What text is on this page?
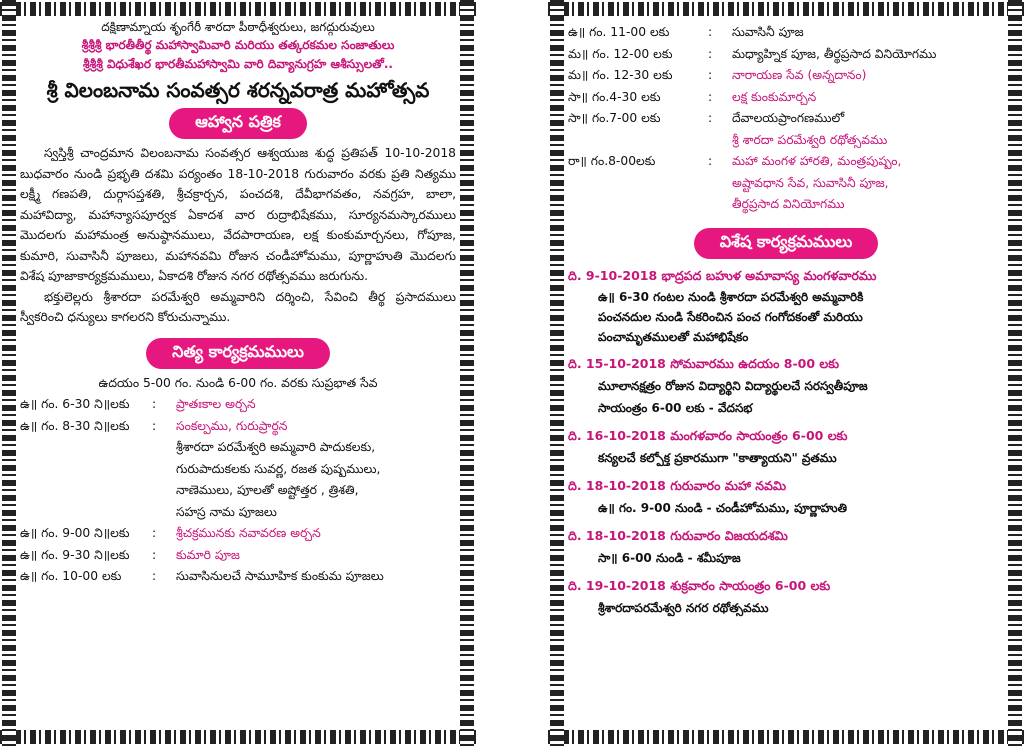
దక్షిణామ్నాయ శృంగేరీ శారదా పీఠాధీశ్వరులు, జగద్గురువులు
శ్రీశ్రీశ్రీ భారతీతీర్థ మహాస్వామివారి మరియు తత్కరకమల సంజాతులు
శ్రీశ్రీశ్రీ విధుశేఖర భారతీమహాస్వామి వారి దివ్యానుగ్రహ ఆశీస్సులతో..
శ్రీ విలంబనామ సంవత్సర శరన్నవరాత్ర మహోత్సవ
ఆహ్వాన పత్రిక
స్వస్తిశ్రీ చాంద్రమాన విలంబనామ సంవత్సర ఆశ్వయుజ శుద్ధ ప్రతిపత్ 10-10-2018 బుధవారం నుండి ప్రభృతి దశమి పర్యంతం 18-10-2018 గురువారం వరకు ప్రతి నిత్యము లక్ష్మీ గణపతి, దుర్గాసప్తశతి, శ్రీచక్రార్చన, పంచదశి, దేవీభాగవతం, నవగ్రహ, బాలా, మహావిద్యా, మహాన్యాసపూర్వక ఏకాదశ వార రుద్రాభిషేకము, సూర్యనమస్కారములు మొదలగు మహామంత్ర అనుష్ఠానములు, వేదపారాయణ, లక్ష కుంకుమార్చనలు, గోపూజ, కుమారి, సువాసినీ పూజలు, మహానవమి రోజున చండీహోమము, పూర్ణాహుతి మొదలగు విశేష పూజాకార్యక్రమములు, ఏకాదశి రోజున నగర రథోత్సవము జరుగును.
భక్తులెల్లరు శ్రీశారదా పరమేశ్వరి అమ్మవారిని దర్శించి, సేవించి తీర్థ ప్రసాదములు స్వీకరించి ధన్యులు కాగలరని కోరుచున్నాము.
నిత్య కార్యక్రమములు
ఉదయం 5-00 గం. నుండి 6-00 గం. వరకు సుప్రభాత సేవ
ఉ॥ గం. 6-30 ని॥లకు	:	ప్రాతఃకాల అర్చన
ఉ॥ గం. 8-30 ని॥లకు	:	సంకల్పము, గురుప్రార్థన
శ్రీశారదా పరమేశ్వరి అమ్మవారి పాదుకలకు,
గురుపాదుకలకు సువర్ణ, రజత పుష్పములు,
నాణెములు, పూలతో అష్టోత్తర , త్రిశతి,
సహస్ర నామ పూజలు
ఉ॥ గం. 9-00 ని॥లకు	:	శ్రీచక్రమునకు నవావరణ అర్చన
ఉ॥ గం. 9-30 ని॥లకు	:	కుమారి పూజ
ఉ॥ గం. 10-00 లకు	:	సువాసినులచే సామూహిక కుంకుమ పూజలు
ఉ॥ గం. 11-00 లకు	:	సువాసినీ పూజ
మ॥ గం. 12-00 లకు	:	మధ్యాహ్నిక పూజ, తీర్థప్రసాద వినియోగము
మ॥ గం. 12-30 లకు	:	నారాయణ సేవ (అన్నదానం)
సా॥ గం.4-30 లకు	:	లక్ష కుంకుమార్చన
సా॥ గం.7-00 లకు	:	దేవాలయప్రాంగణములో
శ్రీ శారదా పరమేశ్వరి రథోత్సవము
రా॥ గం.8-00లకు	:	మహా మంగళ హారతి, మంత్రపుష్పం,
అష్టావధాన సేవ, సువాసినీ పూజ,
తీర్థప్రసాద వినియోగము
విశేష కార్యక్రమములు
ది. 9-10-2018 భాద్రపద బహుళ అమావాస్య మంగళవారము
ఉ॥ 6-30 గంటల నుండి శ్రీశారదా పరమేశ్వరి అమ్మవారికి
పంచనదుల నుండి సేకరించిన పంచ గంగోదకంతో మరియు
పంచామృతములతో మహాభిషేకం
ది. 15-10-2018 సోమవారము ఉదయం 8-00 లకు
మూలానక్షత్రం రోజున విద్యార్థిని విద్యార్థులచే సరస్వతీపూజ
సాయంత్రం 6-00 లకు - వేదసభ
ది. 16-10-2018 మంగళవారం సాయంత్రం 6-00 లకు
కన్యలచే కల్పోక్త ప్రకారముగా "కాత్యాయని" వ్రతము
ది. 18-10-2018 గురువారం మహా నవమి
ఉ॥ గం. 9-00 నుండి - చండీహోమము, పూర్ణాహుతి
ది. 18-10-2018 గురువారం విజయదశమి
సా॥ 6-00 నుండి - శమీపూజ
ది. 19-10-2018 శుక్రవారం సాయంత్రం 6-00 లకు
శ్రీశారదాపరమేశ్వరి నగర రథోత్సవము
